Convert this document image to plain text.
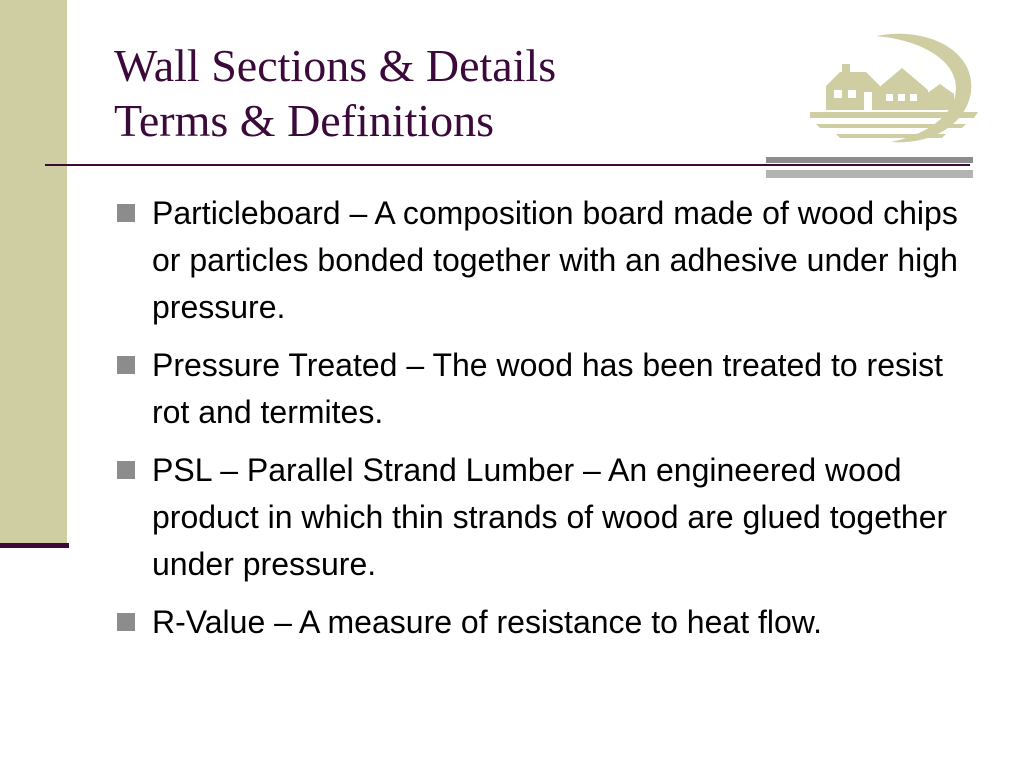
Wall Sections & Details
Terms & Definitions
Particleboard – A composition board made of wood chips or particles bonded together with an adhesive under high pressure.
Pressure Treated – The wood has been treated to resist rot and termites.
PSL – Parallel Strand Lumber – An engineered wood product in which thin strands of wood are glued together under pressure.
R-Value – A measure of resistance to heat flow.
